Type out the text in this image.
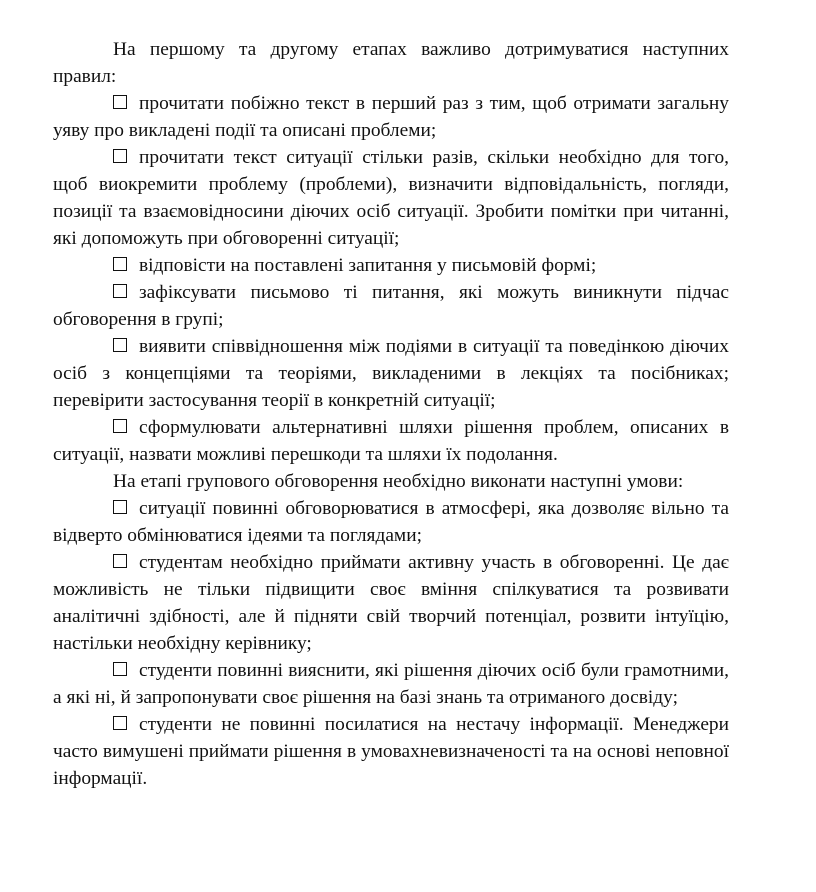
На першому та другому етапах важливо дотримуватися наступних правил:

прочитати побіжно текст в перший раз з тим, щоб отримати загальну уяву про викладені події та описані проблеми;

прочитати текст ситуації стільки разів, скільки необхідно для того, щоб виокремити проблему (проблеми), визначити відповідальність, погляди, позиції та взаємовідносини діючих осіб ситуації. Зробити помітки при читанні, які допоможуть при обговоренні ситуації;

відповісти на поставлені запитання у письмовій формі;

зафіксувати письмово ті питання, які можуть виникнути підчас обговорення в групі;

виявити співвідношення між подіями в ситуації та поведінкою діючих осіб з концепціями та теоріями, викладеними в лекціях та посібниках; перевірити застосування теорії в конкретній ситуації;

сформулювати альтернативні шляхи рішення проблем, описаних в ситуації, назвати можливі перешкоди та шляхи їх подолання.

На етапі групового обговорення необхідно виконати наступні умови:

ситуації повинні обговорюватися в атмосфері, яка дозволяє вільно та відверто обмінюватися ідеями та поглядами;

студентам необхідно приймати активну участь в обговоренні. Це дає можливість не тільки підвищити своє вміння спілкуватися та розвивати аналітичні здібності, але й підняти свій творчий потенціал, розвити інтуїцію, настільки необхідну керівнику;

студенти повинні вияснити, які рішення діючих осіб були грамотними, а які ні, й запропонувати своє рішення на базі знань та отриманого досвіду;

студенти не повинні посилатися на нестачу інформації. Менеджери часто вимушені приймати рішення в умовахневизначеності та на основі неповної інформації.
